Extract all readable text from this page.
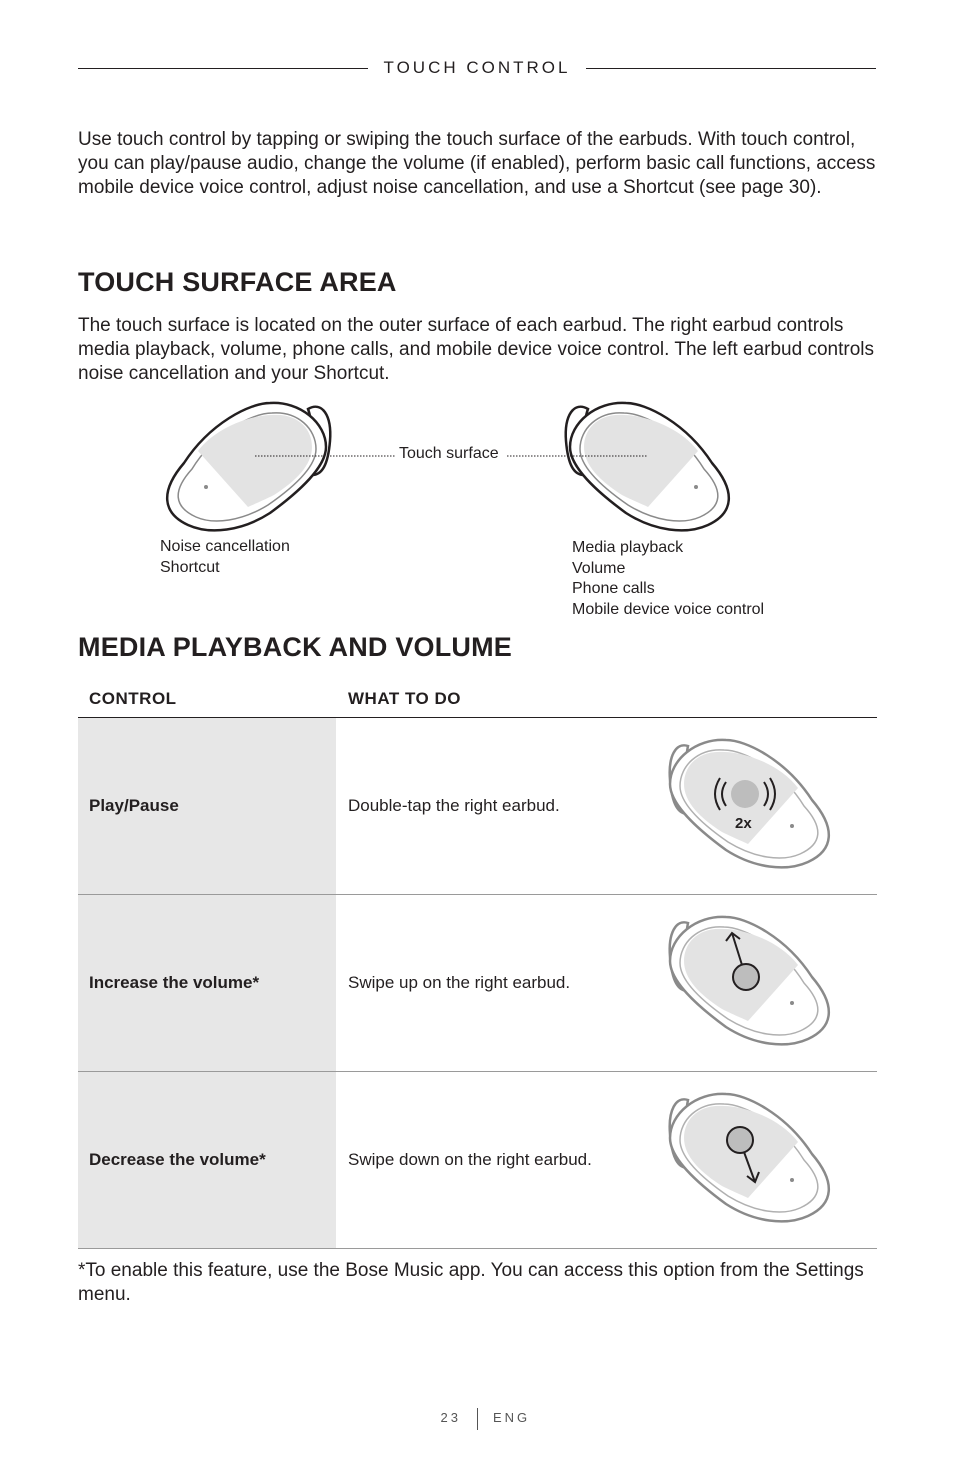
TOUCH CONTROL
Use touch control by tapping or swiping the touch surface of the earbuds. With touch control, you can play/pause audio, change the volume (if enabled), perform basic call functions, access mobile device voice control, adjust noise cancellation, and use a Shortcut (see page 30).
TOUCH SURFACE AREA
The touch surface is located on the outer surface of each earbud. The right earbud controls media playback, volume, phone calls, and mobile device voice control. The left earbud controls noise cancellation and your Shortcut.
Touch surface
Noise cancellation
Shortcut
Media playback
Volume
Phone calls
Mobile device voice control
MEDIA PLAYBACK AND VOLUME
CONTROL	WHAT TO DO
Play/Pause	Double-tap the right earbud.
2x
Increase the volume*	Swipe up on the right earbud.
Decrease the volume*	Swipe down on the right earbud.
*To enable this feature, use the Bose Music app. You can access this option from the Settings menu.
23 ENG
